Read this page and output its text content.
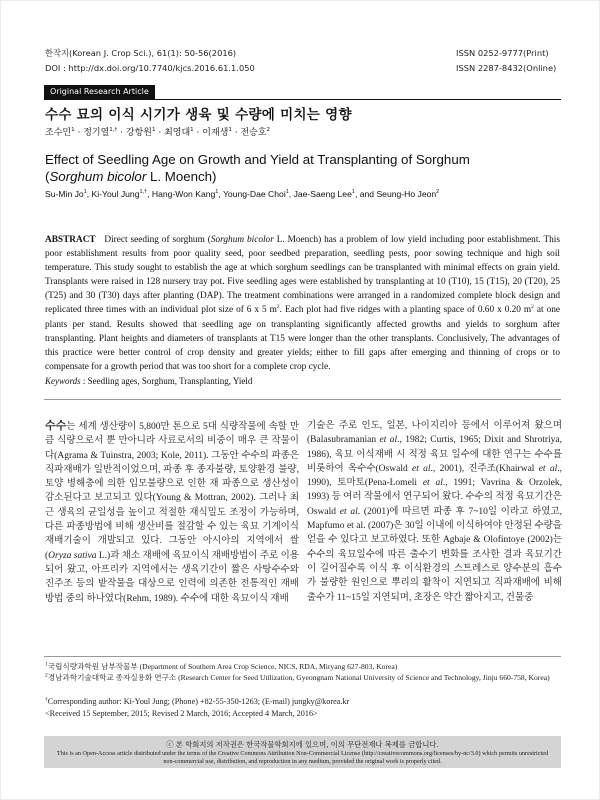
한작지(Korean J. Crop Sci.), 61(1): 50-56(2016)
DOI : http://dx.doi.org/10.7740/kjcs.2016.61.1.050
ISSN 0252-9777(Print)
ISSN 2287-8432(Online)
Original Research Article
수수 묘의 이식 시기가 생육 및 수량에 미치는 영향
조수민$^1$ · 정기열$^{1,\dagger}$ · 강항원$^1$ · 최영대$^1$ · 이재생$^1$ · 전승호$^2$
Effect of Seedling Age on Growth and Yield at Transplanting of Sorghum
(Sorghum bicolor L. Moench)
Su-Min Jo$^1$, Ki-Youl Jung$^{1,\dagger}$, Hang-Won Kang$^1$, Young-Dae Choi$^1$, Jae-Saeng Lee$^1$, and Seung-Ho Jeon$^2$
ABSTRACT Direct seeding of sorghum (Sorghum bicolor L. Moench) has a problem of low yield including poor establishment. This poor establishment results from poor quality seed, poor seedbed preparation, seedling pests, poor sowing technique and high soil temperature. This study sought to establish the age at which sorghum seedlings can be transplanted with minimal effects on grain yield. Transplants were raised in 128 nursery tray pot. Five seedling ages were established by transplanting at 10 (T10), 15 (T15), 20 (T20), 25 (T25) and 30 (T30) days after planting (DAP). The treatment combinations were arranged in a randomized complete block design and replicated three times with an individual plot size of 6 x 5 $m^2$. Each plot had five ridges with a planting space of 0.60 x 0.20 $m^2$ at one plants per stand. Results showed that seedling age on transplanting significantly affected growths and yields to sorghum after transplanting. Plant heights and diameters of transplants at T15 were longer than the other transplants. Conclusively, The advantages of this practice were better control of crop density and greater yields; either to fill gaps after emerging and thinning of crops or to compensate for a growth period that was too short for a complete crop cycle.
Keywords : Seedling ages, Sorghum, Transplanting, Yield
수수는 세계 생산량이 5,800만 톤으로 5대 식량작물에 속할 만큼 식량으로서 뿐 만아니라 사료로서의 비중이 매우 큰 작물이다(Agrama & Tuinstra, 2003; Kole, 2011). 그동안 수수의 파종은 직파재배가 일반적이었으며, 파종 후 종자불량, 토양환경 불량, 토양 병해충에 의한 입모불량으로 인한 재 파종으로 생산성이 감소된다고 보고되고 있다(Young & Mottran, 2002). 그러나 최근 생육의 균일성을 높이고 적절한 재식밀도 조정이 가능하며, 다른 파종방법에 비해 생산비를 절감할 수 있는 육묘 기계이식 재배기술이 개발되고 있다. 그동안 아시아의 지역에서 쌀(Oryza sativa L.)과 채소 재배에 육묘이식 재배방법이 주로 이용되어 왔고, 아프리카 지역에서는 생육기간이 짧은 사탕수수와 진주조 등의 밭작물을 대상으로 인력에 의존한 전통적인 재배방법 중의 하나였다(Rehm, 1989). 수수에 대한 육묘이식 재배
기술은 주로 인도, 일본, 나이지리아 등에서 이루어져 왔으며(Balasubramanian et al., 1982; Curtis, 1965; Dixit and Shrotriya, 1986), 육묘 이식재배 시 적정 육묘 일수에 대한 연구는 수수를 비롯하여 옥수수(Oswald et al., 2001), 진주조(Khairwal et al., 1990), 토마토(Pena-Lomeli et al., 1991; Vavrina & Orzolek, 1993) 등 여러 작물에서 연구되어 왔다. 수수의 적정 육묘기간은 Oswald et al. (2001)에 따르면 파종 후 7~10일 이라고 하였고, Mapfumo et al. (2007)은 30일 이내에 이식하여야 안정된 수량을 얻을 수 있다고 보고하였다. 또한 Agbaje & Olofintoye (2002)는 수수의 육묘일수에 따른 출수기 변화를 조사한 결과 육묘기간이 길어질수록 이식 후 이식환경의 스트레스로 양수분의 흡수가 불량한 원인으로 뿌리의 활착이 지연되고 직파재배에 비해 출수가 11~15일 지연되며, 초장은 약간 짧아지고, 건물중
$^1$국립식량과학원 남부작물부 (Department of Southern Area Crop Science, NICS, RDA, Miryang 627-803, Korea)
$^2$경남과학기술대학교 종자실용화 연구소 (Research Center for Seed Utilization, Gyeongnam National University of Science and Technology, Jinju 660-758, Korea)
†Corresponding author: Ki-Youl Jung; (Phone) +82-55-350-1263; (E-mail) jungky@korea.kr
<Received 15 September, 2015; Revised 2 March, 2016; Accepted 4 March, 2016>
ⓒ 본 학회지의 저작권은 한국작물학회지에 있으며, 이의 무단전재나 복제를 금합니다.
This is an Open-Access article distributed under the terms of the Creative Commons Attribution Non-Commercial License (http://creativecommons.org/licenses/by-nc/3.0) which permits unrestricted non-commercial use, distribution, and reproduction in any medium, provided the original work is properly cited.
